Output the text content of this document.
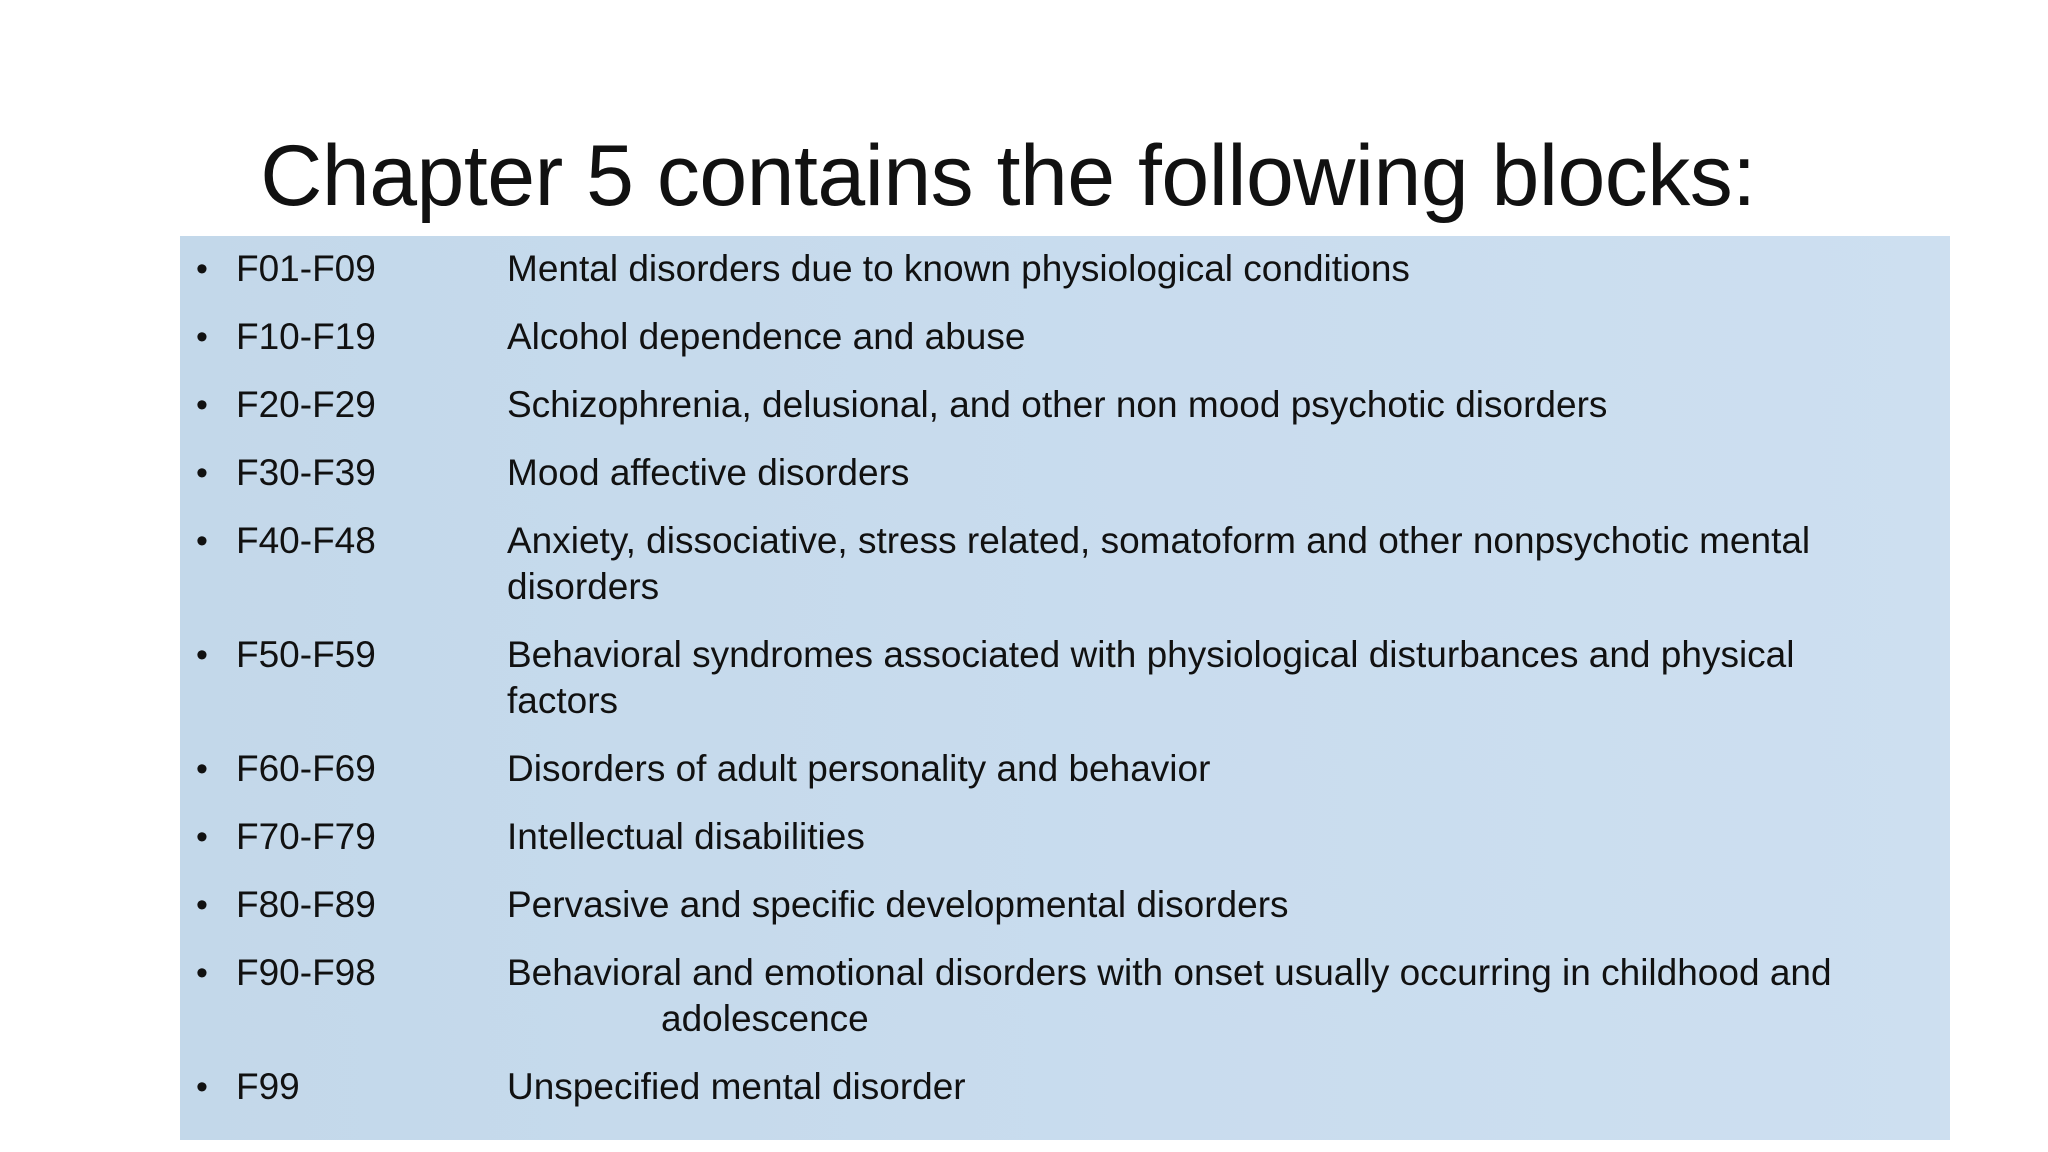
Chapter 5 contains the following blocks:
• F01-F09	Mental disorders due to known physiological conditions
• F10-F19	Alcohol dependence and abuse
• F20-F29	Schizophrenia, delusional, and other non mood psychotic disorders
• F30-F39	Mood affective disorders
• F40-F48	Anxiety, dissociative, stress related, somatoform and other nonpsychotic mental
disorders
• F50-F59	Behavioral syndromes associated with physiological disturbances and physical
factors
• F60-F69	Disorders of adult personality and behavior
• F70-F79	Intellectual disabilities
• F80-F89	Pervasive and specific developmental disorders
• F90-F98	Behavioral and emotional disorders with onset usually occurring in childhood and
adolescence
• F99	Unspecified mental disorder
